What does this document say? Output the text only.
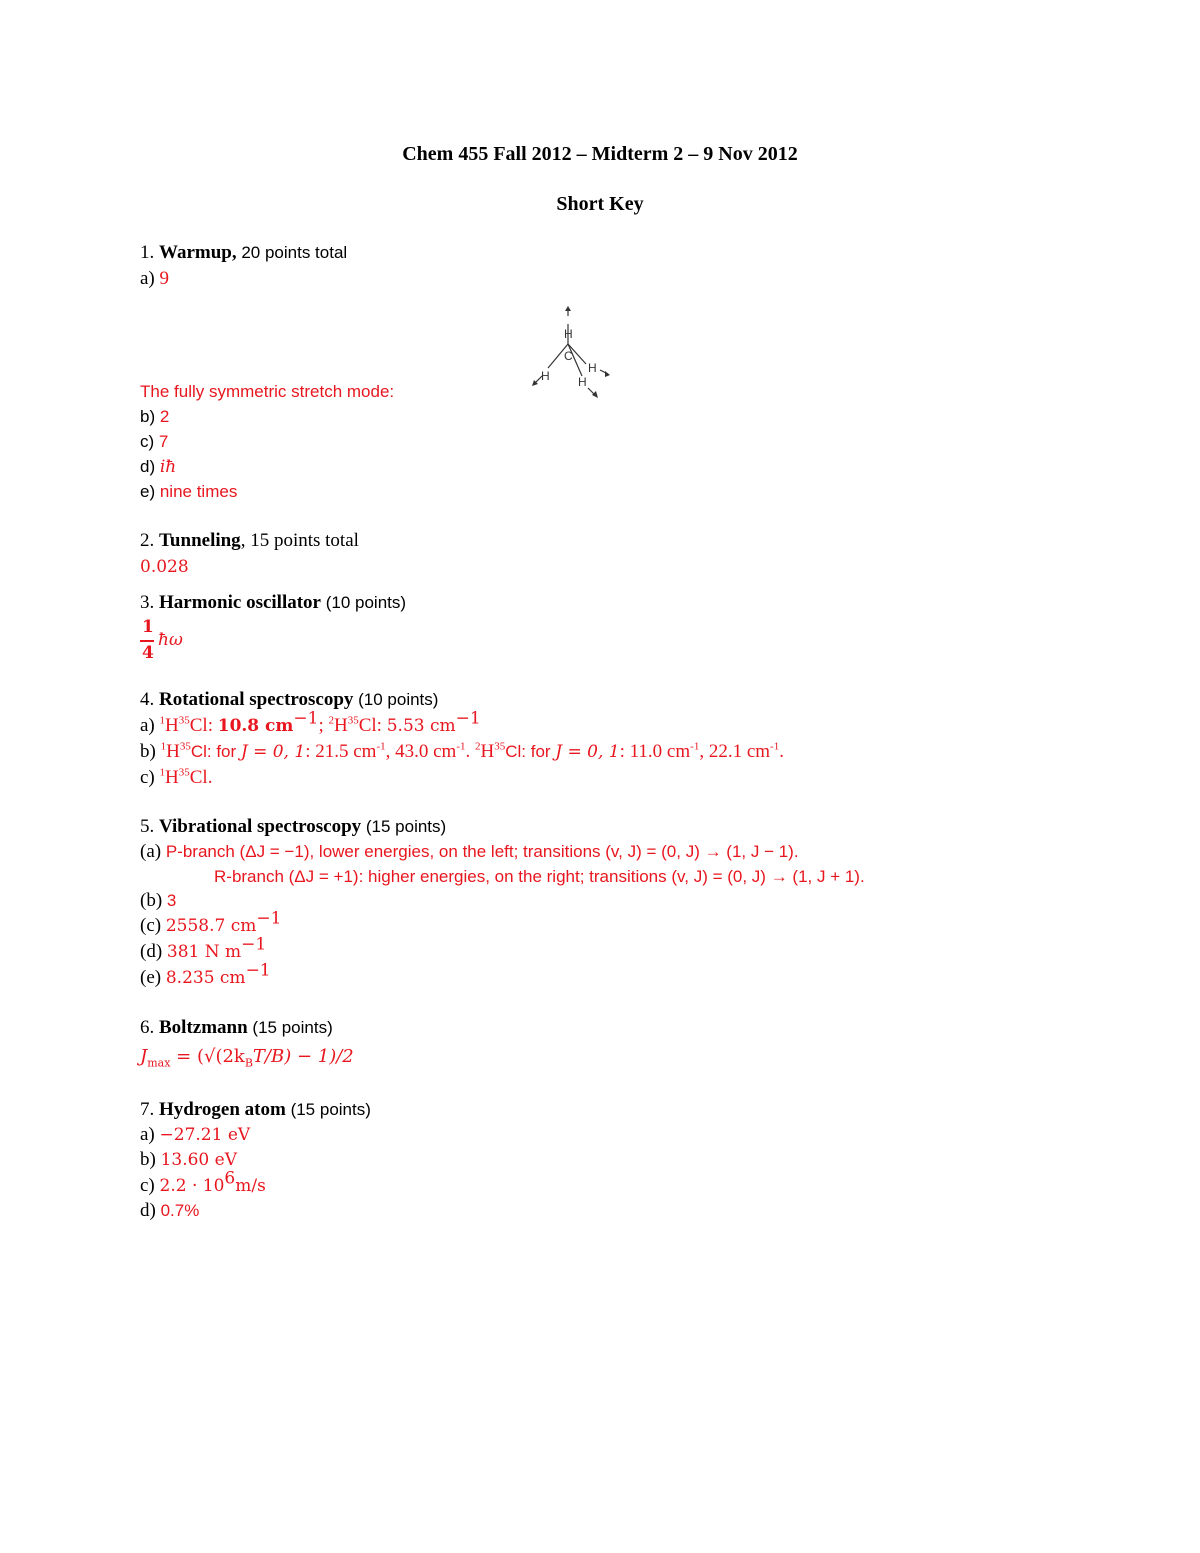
Chem 455 Fall 2012 – Midterm 2 – 9 Nov 2012
Short Key
1. Warmup, 20 points total
a) 9
H
C
H
H
H
The fully symmetric stretch mode:
b) 2
c) 7
d) iħ
e) nine times
2. Tunneling, 15 points total
0.028
3. Harmonic oscillator (10 points)
1
4
ħω
4. Rotational spectroscopy (10 points)
a) $^1H^{35}Cl$: 10.8 $cm^{-1}$; $^2H^{35}Cl$: 5.53 $cm^{-1}$
b) $^1H^{35}Cl$: for J = 0, 1: 21.5 $cm^{-1}$, 43.0 $cm^{-1}$. $^2H^{35}Cl$: for J = 0, 1: 11.0 $cm^{-1}$, 22.1 $cm^{-1}$.
c) $^1H^{35}Cl$.
5. Vibrational spectroscopy (15 points)
(a) P-branch (ΔJ = −1), lower energies, on the left; transitions (v, J) = (0, J) → (1, J − 1).
R-branch (ΔJ = +1): higher energies, on the right; transitions (v, J) = (0, J) → (1, J + 1).
(b) 3
(c) 2558.7 $cm^{-1}$
(d) 381 N $m^{-1}$
(e) 8.235 $cm^{-1}$
6. Boltzmann (15 points)
$J_{max} = (√(2k_BT/B) - 1)/2$
7. Hydrogen atom (15 points)
a) −27.21 eV
b) 13.60 eV
c) $2.2 \cdot 10^6m/s$
d) 0.7%
